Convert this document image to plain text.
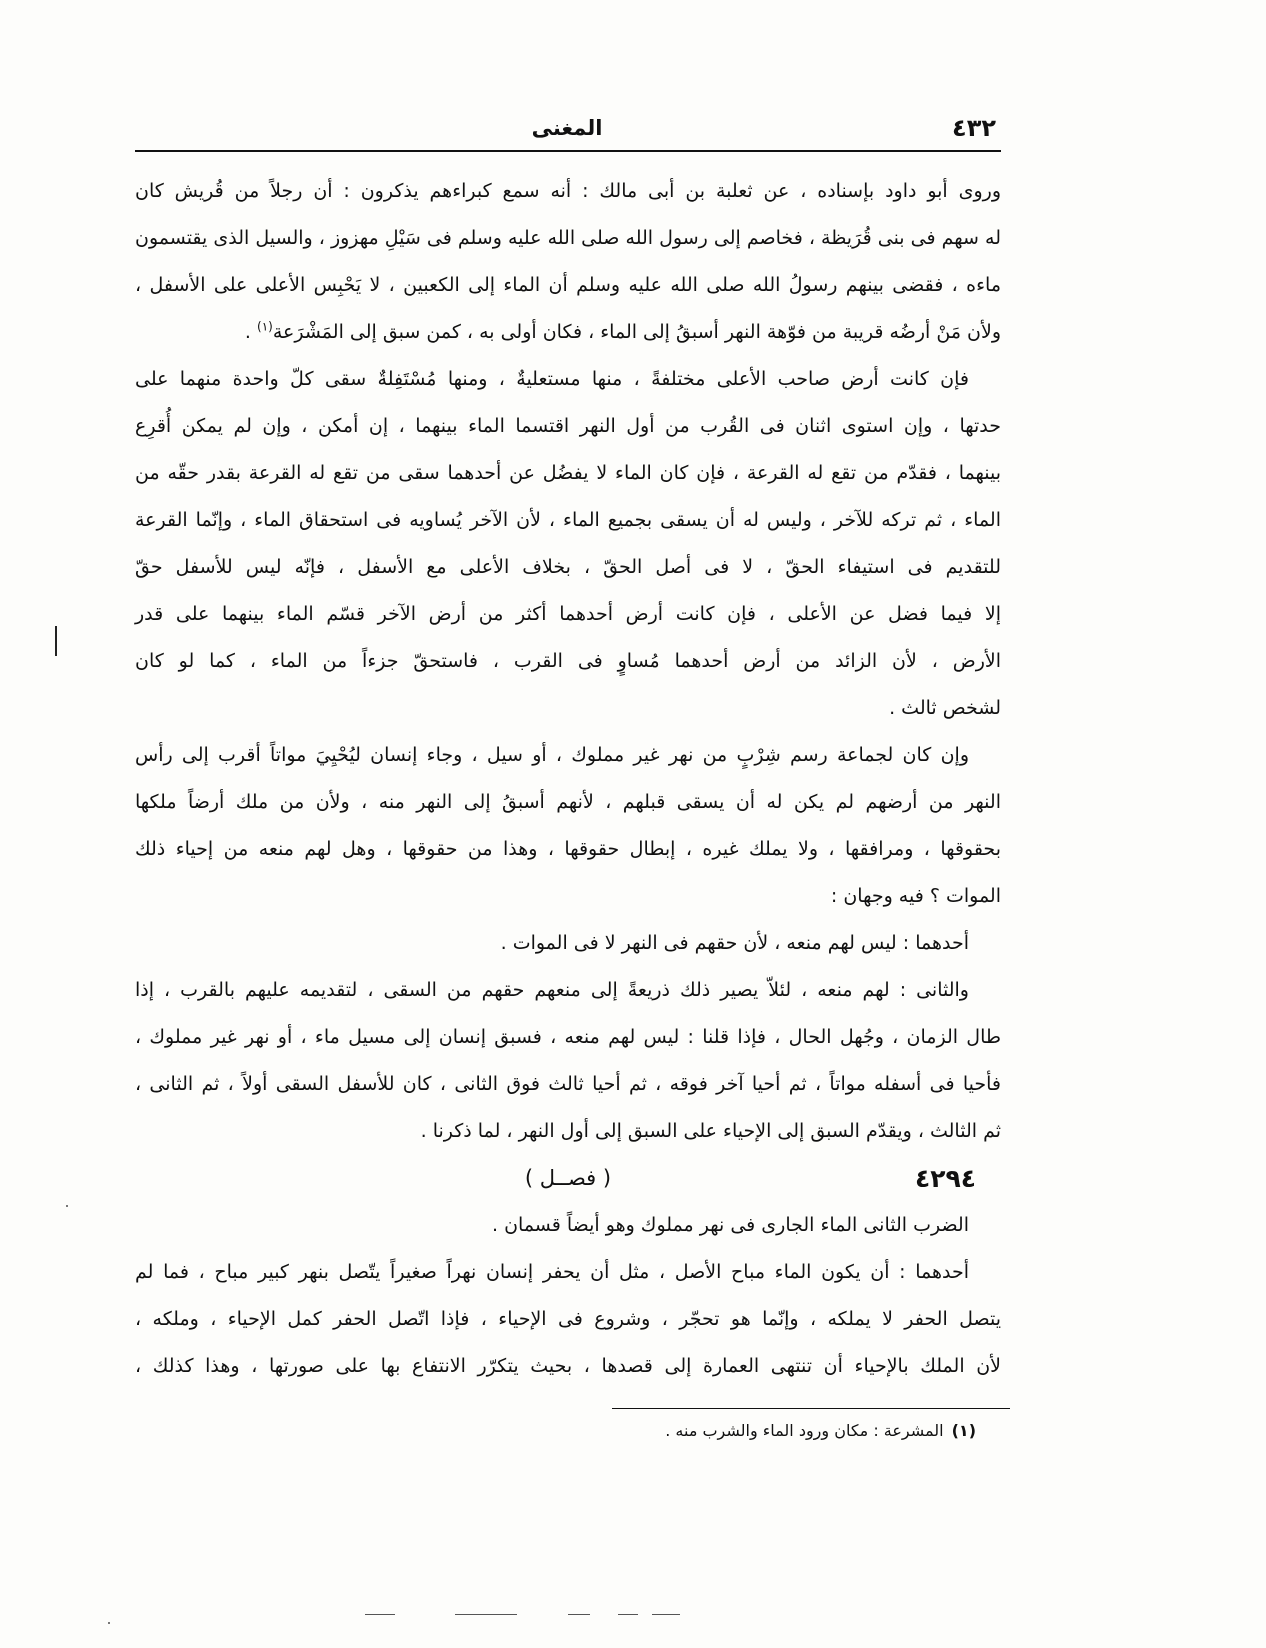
٤٣٢
المغنى
وروى أبو داود بإسناده ، عن ثعلبة بن أبى مالك : أنه سمع كبراءهم يذكرون : أن رجلاً من قُريش كان
له سهم فى بنى قُرَيظة ، فخاصم إلى رسول الله صلى الله عليه وسلم فى سَيْلِ مهزوز ، والسيل الذى يقتسمون
ماءه ، فقضى بينهم رسولُ الله صلى الله عليه وسلم أن الماء إلى الكعبين ، لا يَحْبِس الأعلى على الأسفل ،
ولأن مَنْ أرضُه قريبة من فوّهة النهر أسبقُ إلى الماء ، فكان أولى به ، كمن سبق إلى المَشْرَعة$^{(١)}$ .
فإن كانت أرض صاحب الأعلى مختلفةً ، منها مستعليةٌ ، ومنها مُسْتَفِلةٌ سقى كلّ واحدة منهما على
حدتها ، وإن استوى اثنان فى القُرب من أول النهر اقتسما الماء بينهما ، إن أمكن ، وإن لم يمكن أُقرِع
بينهما ، فقدّم من تقع له القرعة ، فإن كان الماء لا يفضُل عن أحدهما سقى من تقع له القرعة بقدر حقّه من
الماء ، ثم تركه للآخر ، وليس له أن يسقى بجميع الماء ، لأن الآخر يُساويه فى استحقاق الماء ، وإنّما القرعة
للتقديم فى استيفاء الحقّ ، لا فى أصل الحقّ ، بخلاف الأعلى مع الأسفل ، فإنّه ليس للأسفل حقّ
إلا فيما فضل عن الأعلى ، فإن كانت أرض أحدهما أكثر من أرض الآخر قسّم الماء بينهما على قدر
الأرض ، لأن الزائد من أرض أحدهما مُساوٍ فى القرب ، فاستحقّ جزءاً من الماء ، كما لو كان
لشخص ثالث .
وإن كان لجماعة رسم شِرْبٍ من نهر غير مملوك ، أو سيل ، وجاء إنسان ليُحْيِيَ مواتاً أقرب إلى رأس
النهر من أرضهم لم يكن له أن يسقى قبلهم ، لأنهم أسبقُ إلى النهر منه ، ولأن من ملك أرضاً ملكها
بحقوقها ، ومرافقها ، ولا يملك غيره ، إبطال حقوقها ، وهذا من حقوقها ، وهل لهم منعه من إحياء ذلك
الموات ؟ فيه وجهان :
أحدهما : ليس لهم منعه ، لأن حقهم فى النهر لا فى الموات .
والثانى : لهم منعه ، لئلاّ يصير ذلك ذريعةً إلى منعهم حقهم من السقى ، لتقديمه عليهم بالقرب ، إذا
طال الزمان ، وجُهل الحال ، فإذا قلنا : ليس لهم منعه ، فسبق إنسان إلى مسيل ماء ، أو نهر غير مملوك ،
فأحيا فى أسفله مواتاً ، ثم أحيا آخر فوقه ، ثم أحيا ثالث فوق الثانى ، كان للأسفل السقى أولاً ، ثم الثانى ،
ثم الثالث ، ويقدّم السبق إلى الإحياء على السبق إلى أول النهر ، لما ذكرنا .
٤٢٩٤
( فصــل )
الضرب الثانى الماء الجارى فى نهر مملوك وهو أيضاً قسمان .
أحدهما : أن يكون الماء مباح الأصل ، مثل أن يحفر إنسان نهراً صغيراً يتّصل بنهر كبير مباح ، فما لم
يتصل الحفر لا يملكه ، وإنّما هو تحجّر ، وشروع فى الإحياء ، فإذا اتّصل الحفر كمل الإحياء ، وملكه ،
لأن الملك بالإحياء أن تنتهى العمارة إلى قصدها ، بحيث يتكرّر الانتفاع بها على صورتها ، وهذا كذلك ،
(١)المشرعة : مكان ورود الماء والشرب منه .
